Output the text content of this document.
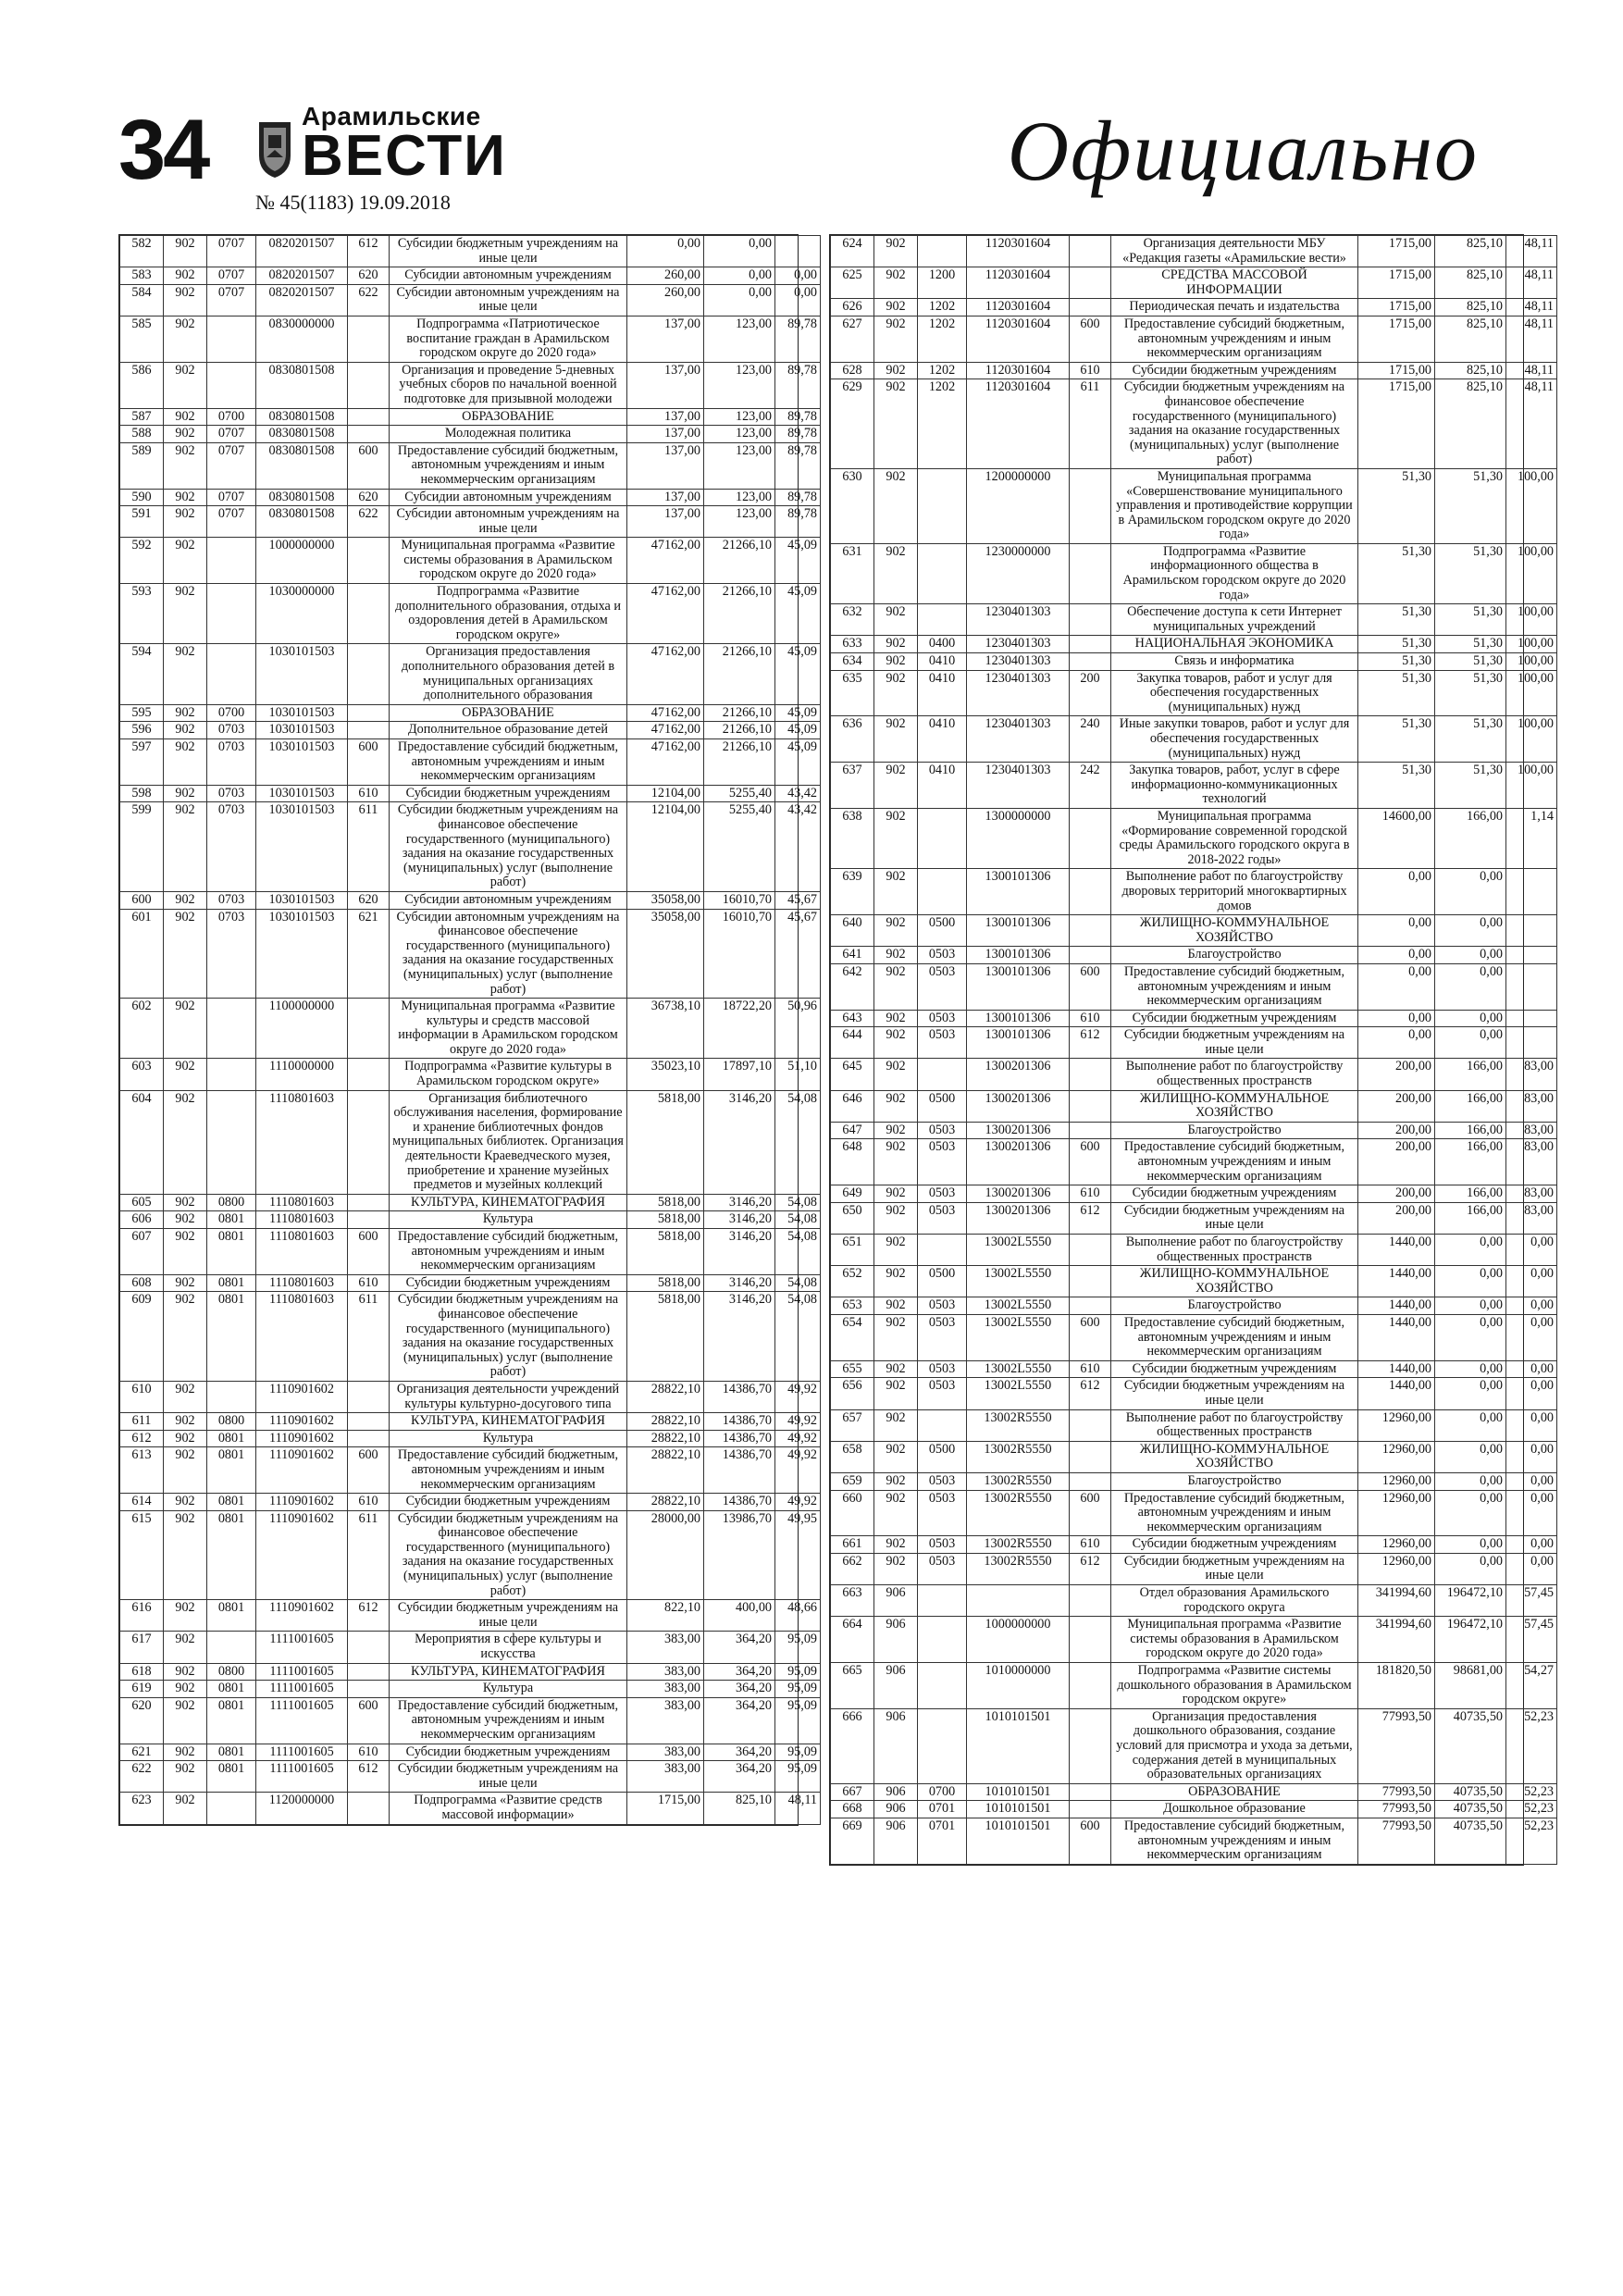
34	Арамильские
ВЕСТИ
№ 45(1183) 19.09.2018
Официально
582	902	0707	0820201507	612	Субсидии бюджетным учреждениям на иные цели	0,00	0,00	
583	902	0707	0820201507	620	Субсидии автономным учреждениям	260,00	0,00	0,00
584	902	0707	0820201507	622	Субсидии автономным учреждениям на иные цели	260,00	0,00	0,00
585	902		0830000000		Подпрограмма «Патриотическое воспитание граждан в Арамильском городском округе до 2020 года»	137,00	123,00	89,78
586	902		0830801508		Организация и проведение 5-дневных учебных сборов по начальной военной подготовке для призывной молодежи	137,00	123,00	89,78
587	902	0700	0830801508		ОБРАЗОВАНИЕ	137,00	123,00	89,78
588	902	0707	0830801508		Молодежная политика	137,00	123,00	89,78
589	902	0707	0830801508	600	Предоставление субсидий бюджетным, автономным учреждениям и иным некоммерческим организациям	137,00	123,00	89,78
590	902	0707	0830801508	620	Субсидии автономным учреждениям	137,00	123,00	89,78
591	902	0707	0830801508	622	Субсидии автономным учреждениям на иные цели	137,00	123,00	89,78
592	902		1000000000		Муниципальная программа «Развитие системы образования в Арамильском городском округе до 2020 года»	47162,00	21266,10	45,09
593	902		1030000000		Подпрограмма «Развитие дополнительного образования, отдыха и оздоровления детей в Арамильском городском округе»	47162,00	21266,10	45,09
594	902		1030101503		Организация предоставления дополнительного образования детей в муниципальных организациях дополнительного образования	47162,00	21266,10	45,09
595	902	0700	1030101503		ОБРАЗОВАНИЕ	47162,00	21266,10	45,09
596	902	0703	1030101503		Дополнительное образование детей	47162,00	21266,10	45,09
597	902	0703	1030101503	600	Предоставление субсидий бюджетным, автономным учреждениям и иным некоммерческим организациям	47162,00	21266,10	45,09
598	902	0703	1030101503	610	Субсидии бюджетным учреждениям	12104,00	5255,40	43,42
599	902	0703	1030101503	611	Субсидии бюджетным учреждениям на финансовое обеспечение государственного (муниципального) задания на оказание государственных (муниципальных) услуг (выполнение работ)	12104,00	5255,40	43,42
600	902	0703	1030101503	620	Субсидии автономным учреждениям	35058,00	16010,70	45,67
601	902	0703	1030101503	621	Субсидии автономным учреждениям на финансовое обеспечение государственного (муниципального) задания на оказание государственных (муниципальных) услуг (выполнение работ)	35058,00	16010,70	45,67
602	902		1100000000		Муниципальная программа «Развитие культуры и средств массовой информации в Арамильском городском округе до 2020 года»	36738,10	18722,20	50,96
603	902		1110000000		Подпрограмма «Развитие культуры в Арамильском городском округе»	35023,10	17897,10	51,10
604	902		1110801603		Организация библиотечного обслуживания населения, формирование и хранение библиотечных фондов муниципальных библиотек. Организация деятельности Краеведческого музея, приобретение и хранение музейных предметов и музейных коллекций	5818,00	3146,20	54,08
605	902	0800	1110801603		КУЛЬТУРА, КИНЕМАТОГРАФИЯ	5818,00	3146,20	54,08
606	902	0801	1110801603		Культура	5818,00	3146,20	54,08
607	902	0801	1110801603	600	Предоставление субсидий бюджетным, автономным учреждениям и иным некоммерческим организациям	5818,00	3146,20	54,08
608	902	0801	1110801603	610	Субсидии бюджетным учреждениям	5818,00	3146,20	54,08
609	902	0801	1110801603	611	Субсидии бюджетным учреждениям на финансовое обеспечение государственного (муниципального) задания на оказание государственных (муниципальных) услуг (выполнение работ)	5818,00	3146,20	54,08
610	902		1110901602		Организация деятельности учреждений культуры культурно-досугового типа	28822,10	14386,70	49,92
611	902	0800	1110901602		КУЛЬТУРА, КИНЕМАТОГРАФИЯ	28822,10	14386,70	49,92
612	902	0801	1110901602		Культура	28822,10	14386,70	49,92
613	902	0801	1110901602	600	Предоставление субсидий бюджетным, автономным учреждениям и иным некоммерческим организациям	28822,10	14386,70	49,92
614	902	0801	1110901602	610	Субсидии бюджетным учреждениям	28822,10	14386,70	49,92
615	902	0801	1110901602	611	Субсидии бюджетным учреждениям на финансовое обеспечение государственного (муниципального) задания на оказание государственных (муниципальных) услуг (выполнение работ)	28000,00	13986,70	49,95
616	902	0801	1110901602	612	Субсидии бюджетным учреждениям на иные цели	822,10	400,00	48,66
617	902		1111001605		Мероприятия в сфере культуры и искусства	383,00	364,20	95,09
618	902	0800	1111001605		КУЛЬТУРА, КИНЕМАТОГРАФИЯ	383,00	364,20	95,09
619	902	0801	1111001605		Культура	383,00	364,20	95,09
620	902	0801	1111001605	600	Предоставление субсидий бюджетным, автономным учреждениям и иным некоммерческим организациям	383,00	364,20	95,09
621	902	0801	1111001605	610	Субсидии бюджетным учреждениям	383,00	364,20	95,09
622	902	0801	1111001605	612	Субсидии бюджетным учреждениям на иные цели	383,00	364,20	95,09
623	902		1120000000		Подпрограмма «Развитие средств массовой информации»	1715,00	825,10	48,11
624	902		1120301604		Организация деятельности МБУ «Редакция газеты «Арамильские вести»	1715,00	825,10	48,11
625	902	1200	1120301604		СРЕДСТВА МАССОВОЙ ИНФОРМАЦИИ	1715,00	825,10	48,11
626	902	1202	1120301604		Периодическая печать и издательства	1715,00	825,10	48,11
627	902	1202	1120301604	600	Предоставление субсидий бюджетным, автономным учреждениям и иным некоммерческим организациям	1715,00	825,10	48,11
628	902	1202	1120301604	610	Субсидии бюджетным учреждениям	1715,00	825,10	48,11
629	902	1202	1120301604	611	Субсидии бюджетным учреждениям на финансовое обеспечение государственного (муниципального) задания на оказание государственных (муниципальных) услуг (выполнение работ)	1715,00	825,10	48,11
630	902		1200000000		Муниципальная программа «Совершенствование муниципального управления и противодействие коррупции в Арамильском городском округе до 2020 года»	51,30	51,30	100,00
631	902		1230000000		Подпрограмма «Развитие информационного общества в Арамильском городском округе до 2020 года»	51,30	51,30	100,00
632	902		1230401303		Обеспечение доступа к сети Интернет муниципальных учреждений	51,30	51,30	100,00
633	902	0400	1230401303		НАЦИОНАЛЬНАЯ ЭКОНОМИКА	51,30	51,30	100,00
634	902	0410	1230401303		Связь и информатика	51,30	51,30	100,00
635	902	0410	1230401303	200	Закупка товаров, работ и услуг для обеспечения государственных (муниципальных) нужд	51,30	51,30	100,00
636	902	0410	1230401303	240	Иные закупки товаров, работ и услуг для обеспечения государственных (муниципальных) нужд	51,30	51,30	100,00
637	902	0410	1230401303	242	Закупка товаров, работ, услуг в сфере информационно-коммуникационных технологий	51,30	51,30	100,00
638	902		1300000000		Муниципальная программа «Формирование современной городской среды Арамильского городского округа в 2018-2022 годы»	14600,00	166,00	1,14
639	902		1300101306		Выполнение работ по благоустройству дворовых территорий многоквартирных домов	0,00	0,00	
640	902	0500	1300101306		ЖИЛИЩНО-КОММУНАЛЬНОЕ ХОЗЯЙСТВО	0,00	0,00	
641	902	0503	1300101306		Благоустройство	0,00	0,00	
642	902	0503	1300101306	600	Предоставление субсидий бюджетным, автономным учреждениям и иным некоммерческим организациям	0,00	0,00	
643	902	0503	1300101306	610	Субсидии бюджетным учреждениям	0,00	0,00	
644	902	0503	1300101306	612	Субсидии бюджетным учреждениям на иные цели	0,00	0,00	
645	902		1300201306		Выполнение работ по благоустройству общественных пространств	200,00	166,00	83,00
646	902	0500	1300201306		ЖИЛИЩНО-КОММУНАЛЬНОЕ ХОЗЯЙСТВО	200,00	166,00	83,00
647	902	0503	1300201306		Благоустройство	200,00	166,00	83,00
648	902	0503	1300201306	600	Предоставление субсидий бюджетным, автономным учреждениям и иным некоммерческим организациям	200,00	166,00	83,00
649	902	0503	1300201306	610	Субсидии бюджетным учреждениям	200,00	166,00	83,00
650	902	0503	1300201306	612	Субсидии бюджетным учреждениям на иные цели	200,00	166,00	83,00
651	902		13002L5550		Выполнение работ по благоустройству общественных пространств	1440,00	0,00	0,00
652	902	0500	13002L5550		ЖИЛИЩНО-КОММУНАЛЬНОЕ ХОЗЯЙСТВО	1440,00	0,00	0,00
653	902	0503	13002L5550		Благоустройство	1440,00	0,00	0,00
654	902	0503	13002L5550	600	Предоставление субсидий бюджетным, автономным учреждениям и иным некоммерческим организациям	1440,00	0,00	0,00
655	902	0503	13002L5550	610	Субсидии бюджетным учреждениям	1440,00	0,00	0,00
656	902	0503	13002L5550	612	Субсидии бюджетным учреждениям на иные цели	1440,00	0,00	0,00
657	902		13002R5550		Выполнение работ по благоустройству общественных пространств	12960,00	0,00	0,00
658	902	0500	13002R5550		ЖИЛИЩНО-КОММУНАЛЬНОЕ ХОЗЯЙСТВО	12960,00	0,00	0,00
659	902	0503	13002R5550		Благоустройство	12960,00	0,00	0,00
660	902	0503	13002R5550	600	Предоставление субсидий бюджетным, автономным учреждениям и иным некоммерческим организациям	12960,00	0,00	0,00
661	902	0503	13002R5550	610	Субсидии бюджетным учреждениям	12960,00	0,00	0,00
662	902	0503	13002R5550	612	Субсидии бюджетным учреждениям на иные цели	12960,00	0,00	0,00
663	906				Отдел образования Арамильского городского округа	341994,60	196472,10	57,45
664	906		1000000000		Муниципальная программа «Развитие системы образования в Арамильском городском округе до 2020 года»	341994,60	196472,10	57,45
665	906		1010000000		Подпрограмма «Развитие системы дошкольного образования в Арамильском городском округе»	181820,50	98681,00	54,27
666	906		1010101501		Организация предоставления дошкольного образования, создание условий для присмотра и ухода за детьми, содержания детей в муниципальных образовательных организациях	77993,50	40735,50	52,23
667	906	0700	1010101501		ОБРАЗОВАНИЕ	77993,50	40735,50	52,23
668	906	0701	1010101501		Дошкольное образование	77993,50	40735,50	52,23
669	906	0701	1010101501	600	Предоставление субсидий бюджетным, автономным учреждениям и иным некоммерческим организациям	77993,50	40735,50	52,23
